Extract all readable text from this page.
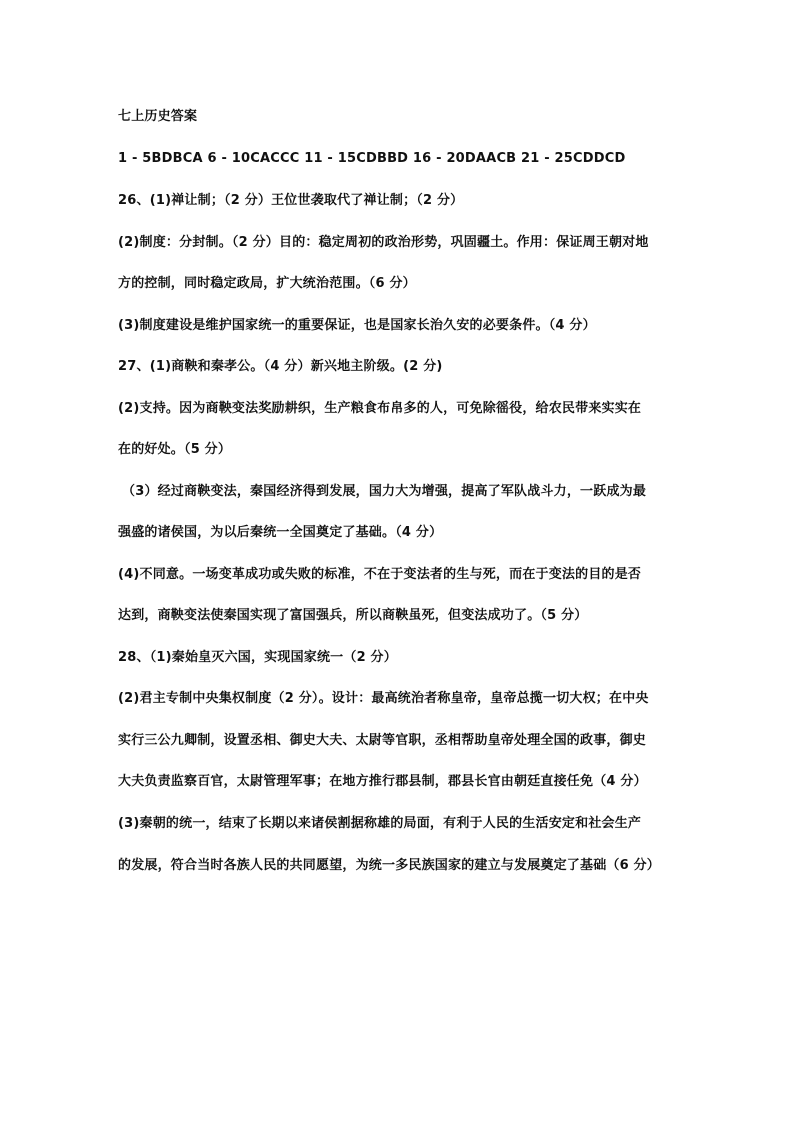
七上历史答案
1 - 5BDBCA 6 - 10CACCC 11 - 15CDBBD 16 - 20DAACB 21 - 25CDDCD
26、(1)禅让制；（2 分）王位世袭取代了禅让制；（2 分）
(2)制度：分封制。（2 分）目的：稳定周初的政治形势，巩固疆土。作用：保证周王朝对地
方的控制，同时稳定政局，扩大统治范围。（6 分）
(3)制度建设是维护国家统一的重要保证，也是国家长治久安的必要条件。（4 分）
27、(1)商鞅和秦孝公。（4 分）新兴地主阶级。(2 分)
(2)支持。因为商鞅变法奖励耕织，生产粮食布帛多的人，可免除徭役，给农民带来实实在
在的好处。（5 分）
（3）经过商鞅变法，秦国经济得到发展，国力大为增强，提高了军队战斗力，一跃成为最
强盛的诸侯国，为以后秦统一全国奠定了基础。（4 分）
(4)不同意。一场变革成功或失败的标准，不在于变法者的生与死，而在于变法的目的是否
达到，商鞅变法使秦国实现了富国强兵，所以商鞅虽死，但变法成功了。（5 分）
28、（1)秦始皇灭六国，实现国家统一（2 分）
(2)君主专制中央集权制度（2 分）。设计：最高统治者称皇帝，皇帝总揽一切大权；在中央
实行三公九卿制，设置丞相、御史大夫、太尉等官职，丞相帮助皇帝处理全国的政事，御史
大夫负责监察百官，太尉管理军事；在地方推行郡县制，郡县长官由朝廷直接任免（4 分）
(3)秦朝的统一，结束了长期以来诸侯割据称雄的局面，有利于人民的生活安定和社会生产
的发展，符合当时各族人民的共同愿望，为统一多民族国家的建立与发展奠定了基础（6 分）
